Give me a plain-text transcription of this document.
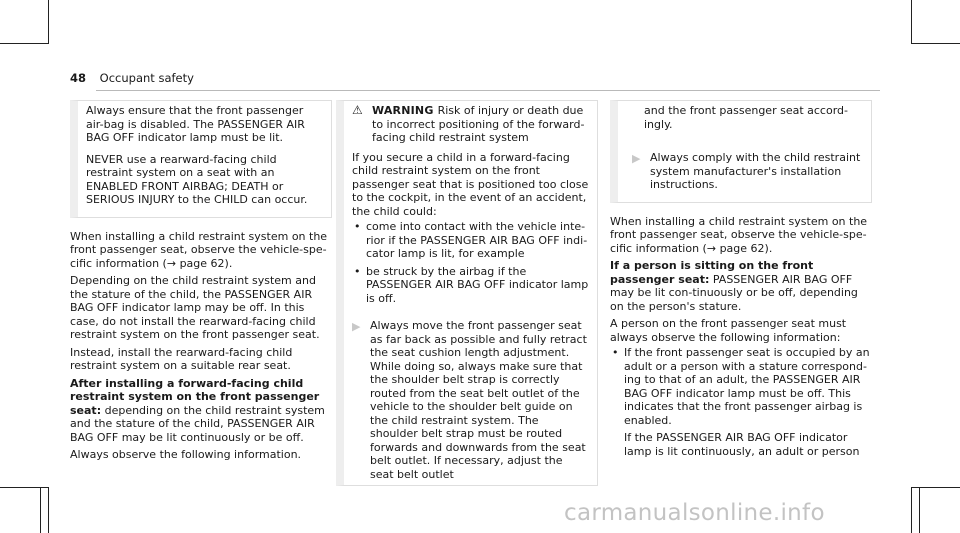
48 Occupant safety

Always ensure that the front passenger air-bag is disabled. The PASSENGER AIR BAG OFF indicator lamp must be lit.

NEVER use a rearward-facing child restraint system on a seat with an ENABLED FRONT AIRBAG; DEATH or SERIOUS INJURY to the CHILD can occur.

When installing a child restraint system on the front passenger seat, observe the vehicle-spe-cific information (→ page 62).

Depending on the child restraint system and the stature of the child, the PASSENGER AIR BAG OFF indicator lamp may be off. In this case, do not install the rearward-facing child restraint system on the front passenger seat.

Instead, install the rearward-facing child restraint system on a suitable rear seat.

After installing a forward-facing child restraint system on the front passenger seat: depending on the child restraint system and the stature of the child, PASSENGER AIR BAG OFF may be lit continuously or be off.

Always observe the following information.

⚠ WARNING Risk of injury or death due to incorrect positioning of the forward-facing child restraint system

If you secure a child in a forward-facing child restraint system on the front passenger seat that is positioned too close to the cockpit, in the event of an accident, the child could:

• come into contact with the vehicle inte-rior if the PASSENGER AIR BAG OFF indi-cator lamp is lit, for example
• be struck by the airbag if the PASSENGER AIR BAG OFF indicator lamp is off.
▶ Always move the front passenger seat as far back as possible and fully retract the seat cushion length adjustment. While doing so, always make sure that the shoulder belt strap is correctly routed from the seat belt outlet of the vehicle to the shoulder belt guide on the child restraint system. The shoulder belt strap must be routed forwards and downwards from the seat belt outlet. If necessary, adjust the seat belt outlet

and the front passenger seat accord-ingly.

▶ Always comply with the child restraint system manufacturer's installation instructions.

When installing a child restraint system on the front passenger seat, observe the vehicle-spe-cific information (→ page 62).

If a person is sitting on the front passenger seat: PASSENGER AIR BAG OFF may be lit con-tinuously or be off, depending on the person's stature.

A person on the front passenger seat must always observe the following information:

• If the front passenger seat is occupied by an adult or a person with a stature correspond-ing to that of an adult, the PASSENGER AIR BAG OFF indicator lamp must be off. This indicates that the front passenger airbag is enabled.
If the PASSENGER AIR BAG OFF indicator lamp is lit continuously, an adult or person
carmanualsonline.info
